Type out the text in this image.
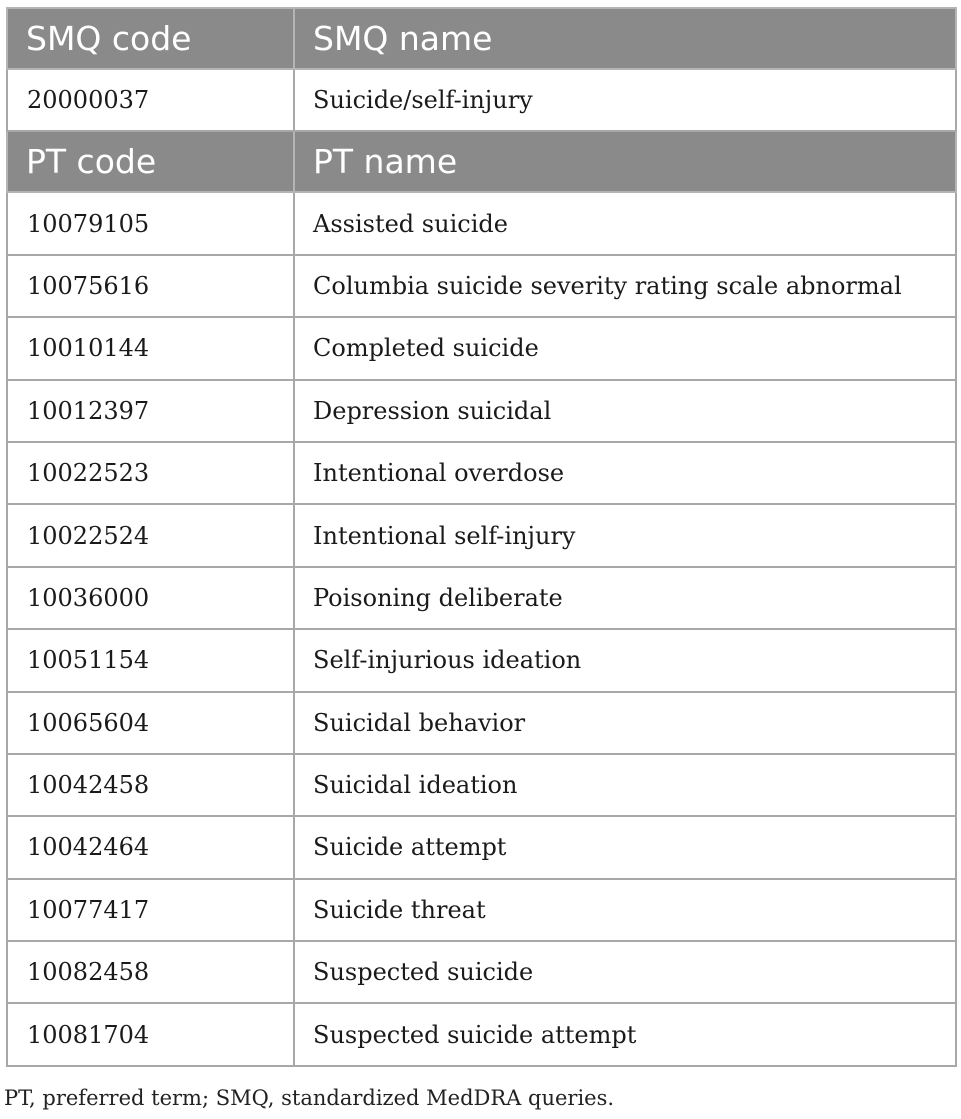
SMQ code	SMQ name
20000037	Suicide/self-injury
PT code	PT name
10079105	Assisted suicide
10075616	Columbia suicide severity rating scale abnormal
10010144	Completed suicide
10012397	Depression suicidal
10022523	Intentional overdose
10022524	Intentional self-injury
10036000	Poisoning deliberate
10051154	Self-injurious ideation
10065604	Suicidal behavior
10042458	Suicidal ideation
10042464	Suicide attempt
10077417	Suicide threat
10082458	Suspected suicide
10081704	Suspected suicide attempt
PT, preferred term; SMQ, standardized MedDRA queries.
